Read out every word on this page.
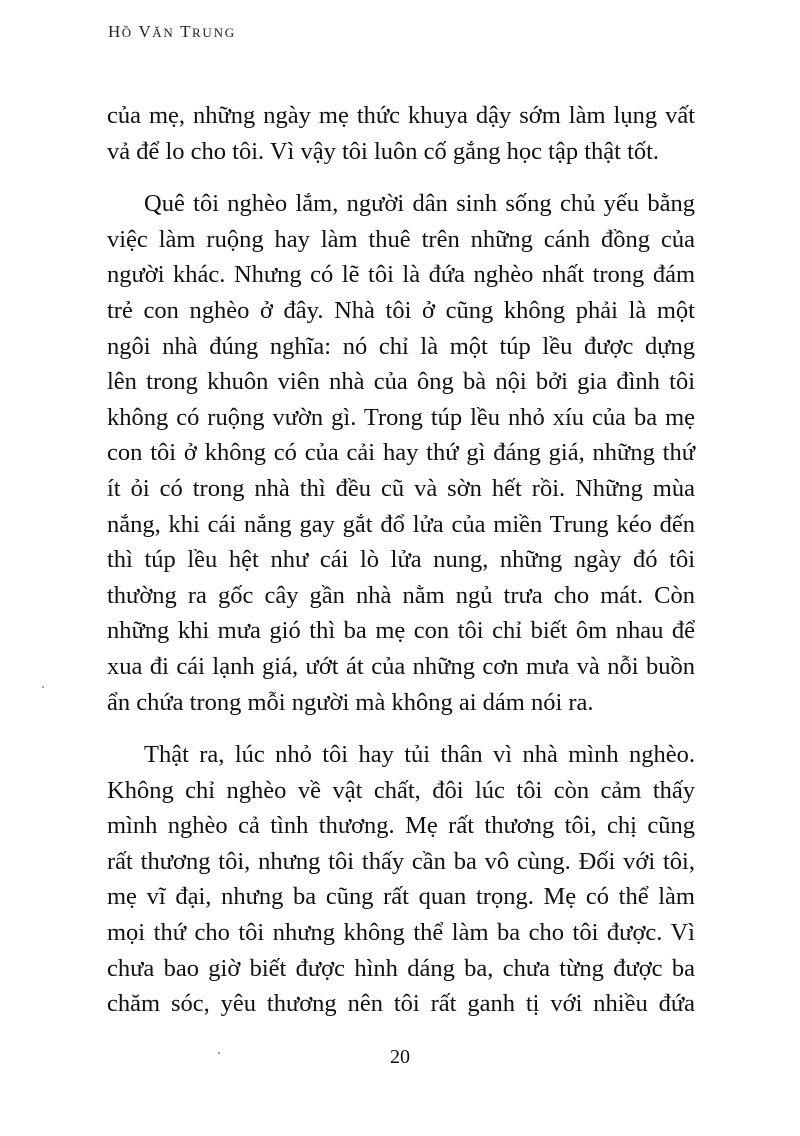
HỒ VĂN TRUNG

của mẹ, những ngày mẹ thức khuya dậy sớm làm lụng vất
vả để lo cho tôi. Vì vậy tôi luôn cố gắng học tập thật tốt.

Quê tôi nghèo lắm, người dân sinh sống chủ yếu bằng
việc làm ruộng hay làm thuê trên những cánh đồng của
người khác. Nhưng có lẽ tôi là đứa nghèo nhất trong đám
trẻ con nghèo ở đây. Nhà tôi ở cũng không phải là một
ngôi nhà đúng nghĩa: nó chỉ là một túp lều được dựng
lên trong khuôn viên nhà của ông bà nội bởi gia đình tôi
không có ruộng vườn gì. Trong túp lều nhỏ xíu của ba mẹ
con tôi ở không có của cải hay thứ gì đáng giá, những thứ
ít ỏi có trong nhà thì đều cũ và sờn hết rồi. Những mùa
nắng, khi cái nắng gay gắt đổ lửa của miền Trung kéo đến
thì túp lều hệt như cái lò lửa nung, những ngày đó tôi
thường ra gốc cây gần nhà nằm ngủ trưa cho mát. Còn
những khi mưa gió thì ba mẹ con tôi chỉ biết ôm nhau để
xua đi cái lạnh giá, ướt át của những cơn mưa và nỗi buồn
ẩn chứa trong mỗi người mà không ai dám nói ra.

Thật ra, lúc nhỏ tôi hay tủi thân vì nhà mình nghèo.
Không chỉ nghèo về vật chất, đôi lúc tôi còn cảm thấy
mình nghèo cả tình thương. Mẹ rất thương tôi, chị cũng
rất thương tôi, nhưng tôi thấy cần ba vô cùng. Đối với tôi,
mẹ vĩ đại, nhưng ba cũng rất quan trọng. Mẹ có thể làm
mọi thứ cho tôi nhưng không thể làm ba cho tôi được. Vì
chưa bao giờ biết được hình dáng ba, chưa từng được ba
chăm sóc, yêu thương nên tôi rất ganh tị với nhiều đứa

20
